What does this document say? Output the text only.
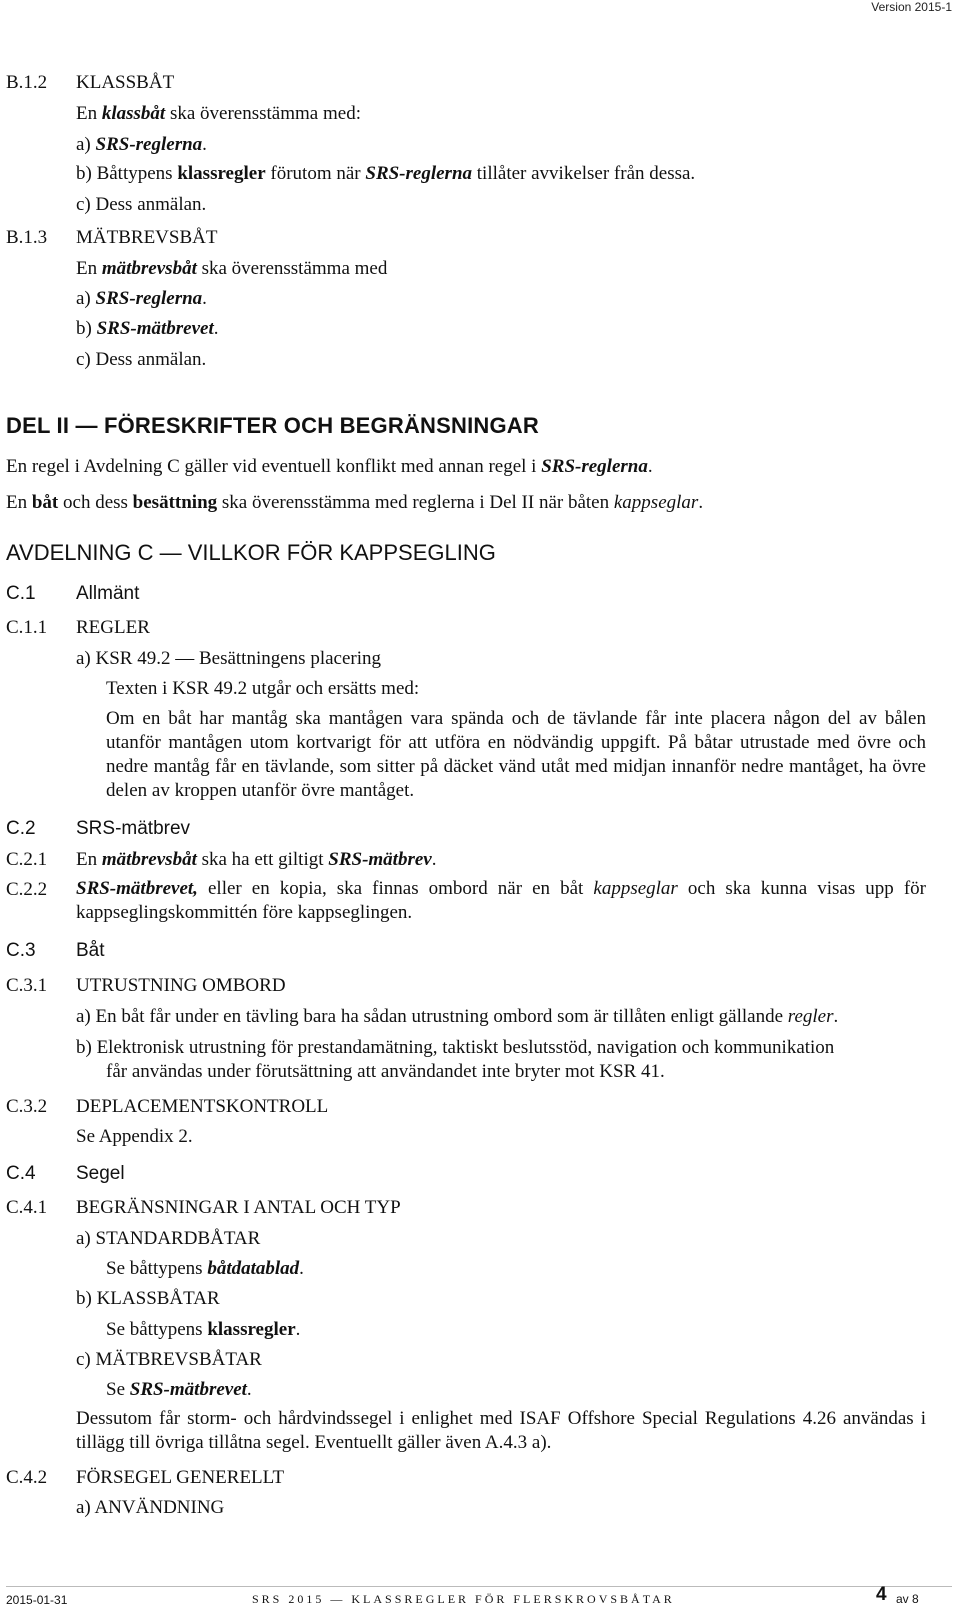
Version 2015-1
B.1.2 KLASSBÅT
En klassbåt ska överensstämma med:
a) SRS-reglerna.
b) Båttypens klassregler förutom när SRS-reglerna tillåter avvikelser från dessa.
c) Dess anmälan.
B.1.3 MÄTBREVSBÅT
En mätbrevsbåt ska överensstämma med
a) SRS-reglerna.
b) SRS-mätbrevet.
c) Dess anmälan.
DEL II — FÖRESKRIFTER OCH BEGRÄNSNINGAR
En regel i Avdelning C gäller vid eventuell konflikt med annan regel i SRS-reglerna.
En båt och dess besättning ska överensstämma med reglerna i Del II när båten kappseglar.
AVDELNING C — VILLKOR FÖR KAPPSEGLING
C.1 Allmänt
C.1.1 REGLER
a) KSR 49.2 — Besättningens placering
Texten i KSR 49.2 utgår och ersätts med:
Om en båt har mantåg ska mantågen vara spända och de tävlande får inte placera någon del av bålen utanför mantågen utom kortvarigt för att utföra en nödvändig uppgift. På båtar utrustade med övre och nedre mantåg får en tävlande, som sitter på däcket vänd utåt med midjan innanför nedre mantåget, ha övre delen av kroppen utanför övre mantåget.
C.2 SRS-mätbrev
C.2.1 En mätbrevsbåt ska ha ett giltigt SRS-mätbrev.
C.2.2 SRS-mätbrevet, eller en kopia, ska finnas ombord när en båt kappseglar och ska kunna visas upp för kappseglingskommittén före kappseglingen.
C.3 Båt
C.3.1 UTRUSTNING OMBORD
a) En båt får under en tävling bara ha sådan utrustning ombord som är tillåten enligt gällande regler.
b) Elektronisk utrustning för prestandamätning, taktiskt beslutsstöd, navigation och kommunikation
får användas under förutsättning att användandet inte bryter mot KSR 41.
C.3.2 DEPLACEMENTSKONTROLL
Se Appendix 2.
C.4 Segel
C.4.1 BEGRÄNSNINGAR I ANTAL OCH TYP
a) STANDARDBÅTAR
Se båttypens båtdatablad.
b) KLASSBÅTAR
Se båttypens klassregler.
c) MÄTBREVSBÅTAR
Se SRS-mätbrevet.
Dessutom får storm- och hårdvindssegel i enlighet med ISAF Offshore Special Regulations 4.26 användas i tillägg till övriga tillåtna segel. Eventuellt gäller även A.4.3 a).
C.4.2 FÖRSEGEL GENERELLT
a) ANVÄNDNING
2015-01-31	SRS 2015 — KLASSREGLER FÖR FLERSKROVSBÅTAR	4 av 8
